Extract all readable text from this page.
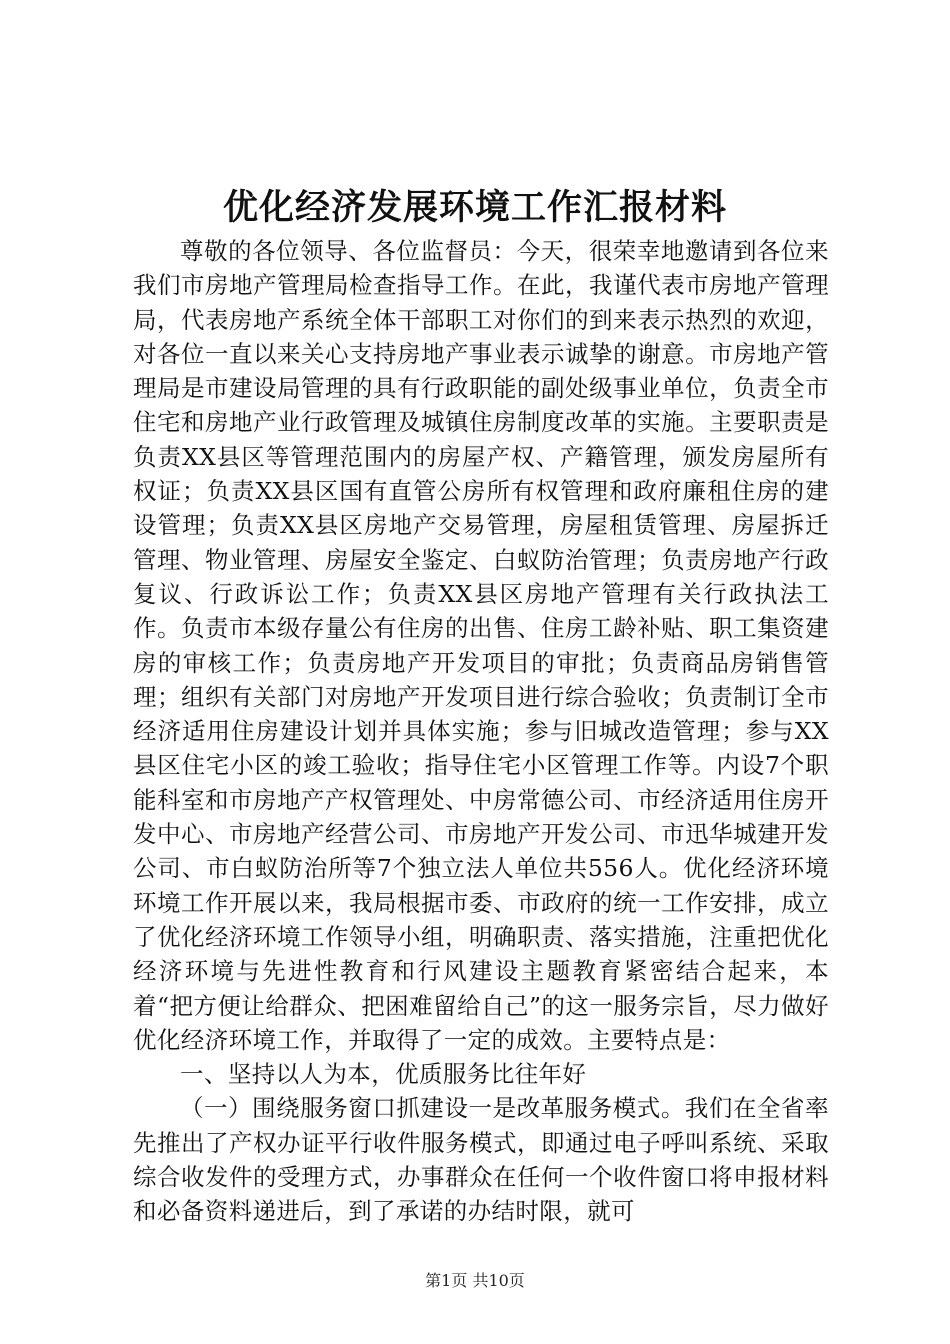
优化经济发展环境工作汇报材料

尊敬的各位领导、各位监督员：今天，很荣幸地邀请到各位来我们市房地产管理局检查指导工作。在此，我谨代表市房地产管理局，代表房地产系统全体干部职工对你们的到来表示热烈的欢迎，对各位一直以来关心支持房地产事业表示诚挚的谢意。市房地产管理局是市建设局管理的具有行政职能的副处级事业单位，负责全市住宅和房地产业行政管理及城镇住房制度改革的实施。主要职责是负责XX县区等管理范围内的房屋产权、产籍管理，颁发房屋所有权证；负责XX县区国有直管公房所有权管理和政府廉租住房的建设管理；负责XX县区房地产交易管理，房屋租赁管理、房屋拆迁管理、物业管理、房屋安全鉴定、白蚁防治管理；负责房地产行政复议、行政诉讼工作；负责XX县区房地产管理有关行政执法工作。负责市本级存量公有住房的出售、住房工龄补贴、职工集资建房的审核工作；负责房地产开发项目的审批；负责商品房销售管理；组织有关部门对房地产开发项目进行综合验收；负责制订全市经济适用住房建设计划并具体实施；参与旧城改造管理；参与XX县区住宅小区的竣工验收；指导住宅小区管理工作等。内设7个职能科室和市房地产产权管理处、中房常德公司、市经济适用住房开发中心、市房地产经营公司、市房地产开发公司、市迅华城建开发公司、市白蚁防治所等7个独立法人单位共556人。优化经济环境环境工作开展以来，我局根据市委、市政府的统一工作安排，成立了优化经济环境工作领导小组，明确职责、落实措施，注重把优化经济环境与先进性教育和行风建设主题教育紧密结合起来，本着“把方便让给群众、把困难留给自己”的这一服务宗旨，尽力做好优化经济环境工作，并取得了一定的成效。主要特点是：

一、坚持以人为本，优质服务比往年好

（一）围绕服务窗口抓建设一是改革服务模式。我们在全省率先推出了产权办证平行收件服务模式，即通过电子呼叫系统、采取综合收发件的受理方式，办事群众在任何一个收件窗口将申报材料和必备资料递进后，到了承诺的办结时限，就可

第1页 共10页
